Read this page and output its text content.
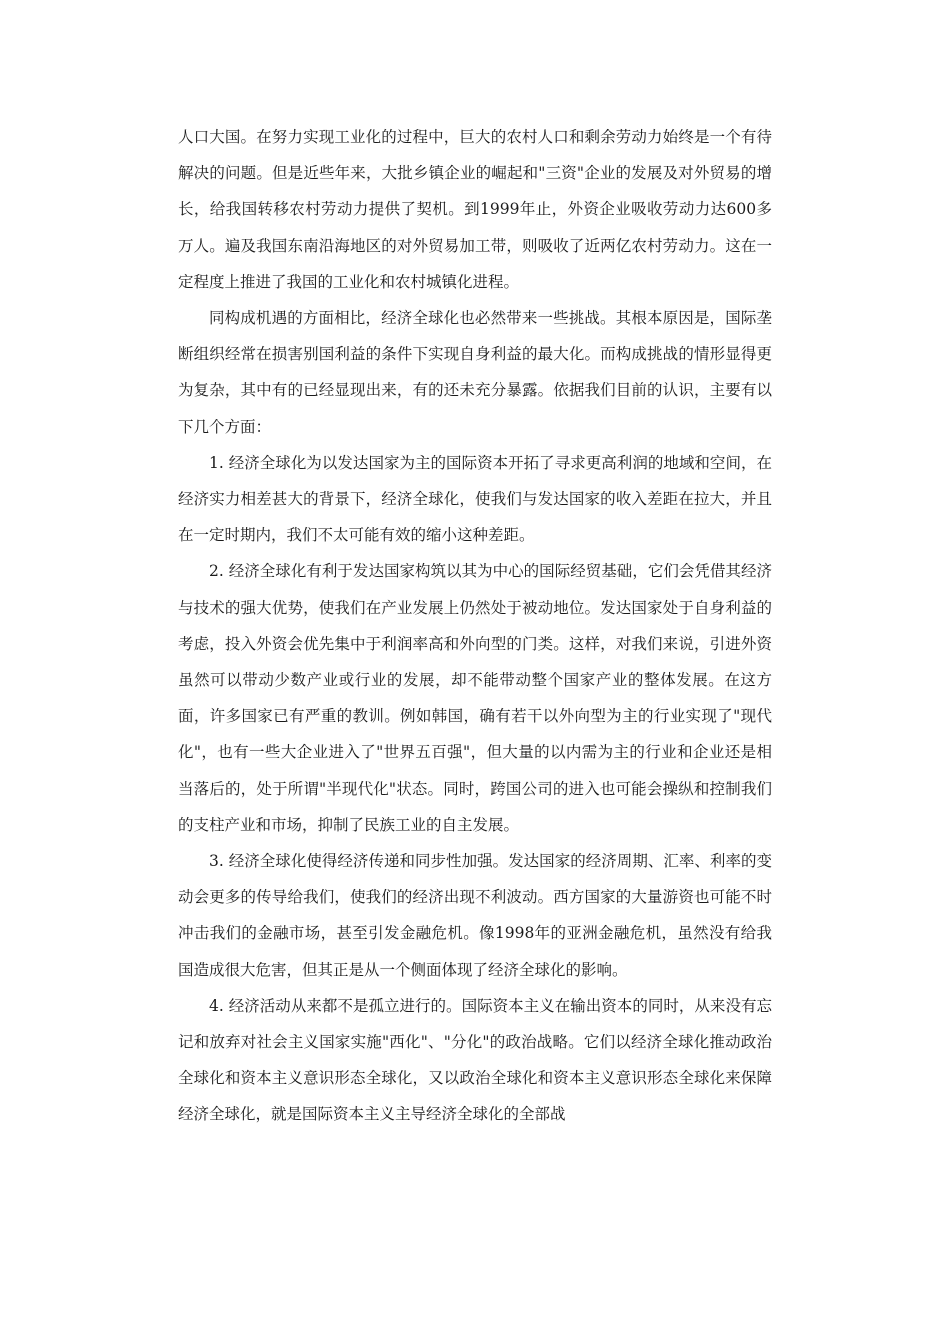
人口大国。在努力实现工业化的过程中，巨大的农村人口和剩余劳动力始终是一个有待解决的问题。但是近些年来，大批乡镇企业的崛起和"三资"企业的发展及对外贸易的增长，给我国转移农村劳动力提供了契机。到1999年止，外资企业吸收劳动力达600多万人。遍及我国东南沿海地区的对外贸易加工带，则吸收了近两亿农村劳动力。这在一定程度上推进了我国的工业化和农村城镇化进程。

同构成机遇的方面相比，经济全球化也必然带来一些挑战。其根本原因是，国际垄断组织经常在损害别国利益的条件下实现自身利益的最大化。而构成挑战的情形显得更为复杂，其中有的已经显现出来，有的还未充分暴露。依据我们目前的认识，主要有以下几个方面：

1. 经济全球化为以发达国家为主的国际资本开拓了寻求更高利润的地域和空间，在经济实力相差甚大的背景下，经济全球化，使我们与发达国家的收入差距在拉大，并且在一定时期内，我们不太可能有效的缩小这种差距。

2. 经济全球化有利于发达国家构筑以其为中心的国际经贸基础，它们会凭借其经济与技术的强大优势，使我们在产业发展上仍然处于被动地位。发达国家处于自身利益的考虑，投入外资会优先集中于利润率高和外向型的门类。这样，对我们来说，引进外资虽然可以带动少数产业或行业的发展，却不能带动整个国家产业的整体发展。在这方面，许多国家已有严重的教训。例如韩国，确有若干以外向型为主的行业实现了"现代化"，也有一些大企业进入了"世界五百强"，但大量的以内需为主的行业和企业还是相当落后的，处于所谓"半现代化"状态。同时，跨国公司的进入也可能会操纵和控制我们的支柱产业和市场，抑制了民族工业的自主发展。

3. 经济全球化使得经济传递和同步性加强。发达国家的经济周期、汇率、利率的变动会更多的传导给我们，使我们的经济出现不利波动。西方国家的大量游资也可能不时冲击我们的金融市场，甚至引发金融危机。像1998年的亚洲金融危机，虽然没有给我国造成很大危害，但其正是从一个侧面体现了经济全球化的影响。

4. 经济活动从来都不是孤立进行的。国际资本主义在输出资本的同时，从来没有忘记和放弃对社会主义国家实施"西化"、"分化"的政治战略。它们以经济全球化推动政治全球化和资本主义意识形态全球化，又以政治全球化和资本主义意识形态全球化来保障经济全球化，就是国际资本主义主导经济全球化的全部战
